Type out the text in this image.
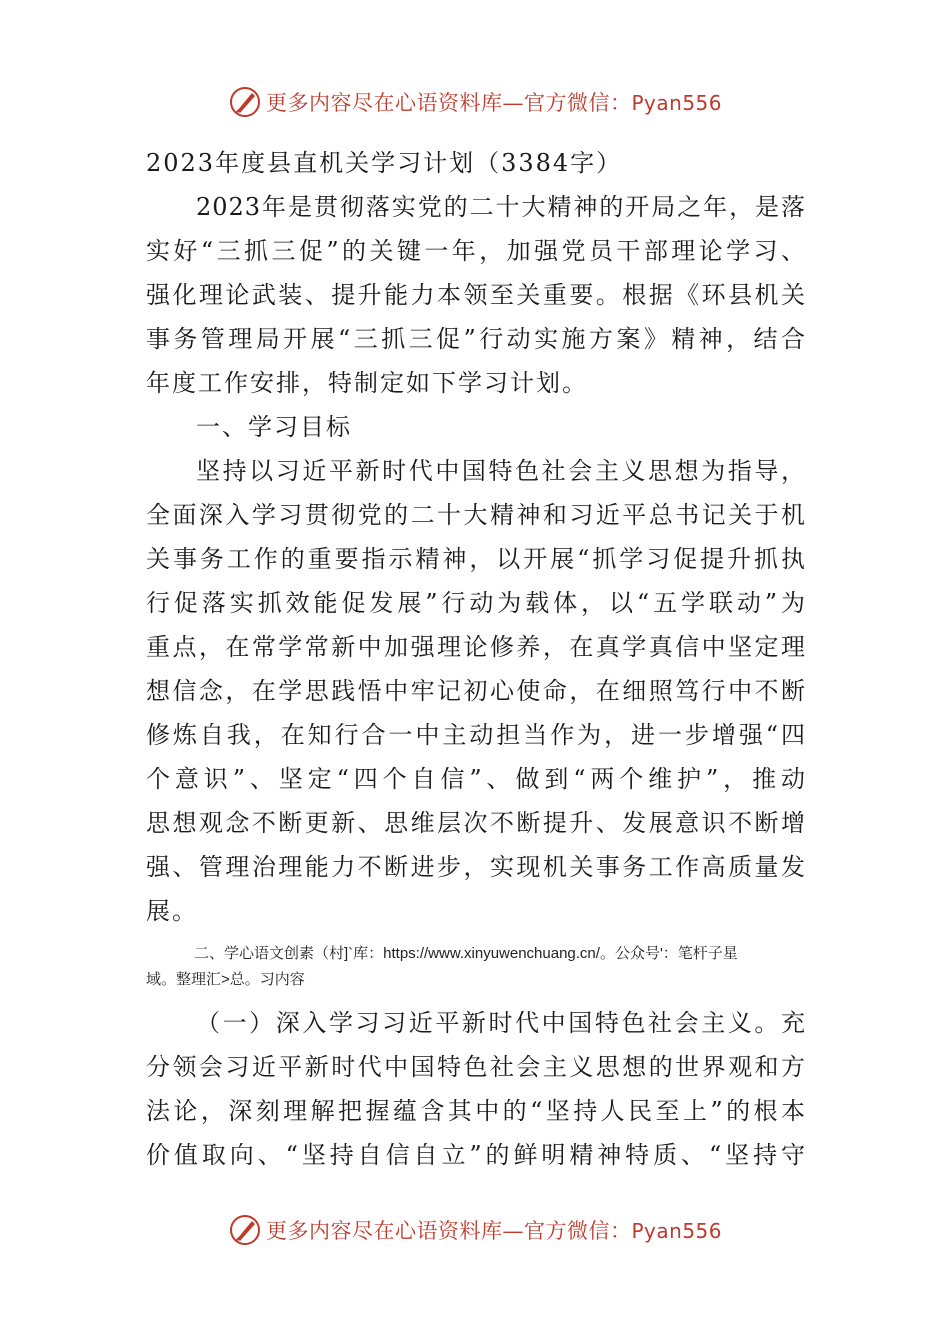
更多内容尽在心语资料库—官方微信：Pyan556
2023年度县直机关学习计划（3384字）
2023年是贯彻落实党的二十大精神的开局之年，是落
实好“三抓三促”的关键一年，加强党员干部理论学习、
强化理论武装、提升能力本领至关重要。根据《环县机关
事务管理局开展“三抓三促”行动实施方案》精神，结合
年度工作安排，特制定如下学习计划。
一、学习目标
坚持以习近平新时代中国特色社会主义思想为指导，
全面深入学习贯彻党的二十大精神和习近平总书记关于机
关事务工作的重要指示精神，以开展“抓学习促提升抓执
行促落实抓效能促发展”行动为载体，以“五学联动”为
重点，在常学常新中加强理论修养，在真学真信中坚定理
想信念，在学思践悟中牢记初心使命，在细照笃行中不断
修炼自我，在知行合一中主动担当作为，进一步增强“四
个意识”、坚定“四个自信”、做到“两个维护”，推动
思想观念不断更新、思维层次不断提升、发展意识不断增
强、管理治理能力不断进步，实现机关事务工作高质量发
展。
二、学心语文创素（村]`库：https://www.xinyuwenchuang.cn/。公众号'：笔杆子星
域。整理汇>总。习内容
（一）深入学习习近平新时代中国特色社会主义。充
分领会习近平新时代中国特色社会主义思想的世界观和方
法论，深刻理解把握蕴含其中的“坚持人民至上”的根本
价值取向、“坚持自信自立”的鲜明精神特质、“坚持守
更多内容尽在心语资料库—官方微信：Pyan556
